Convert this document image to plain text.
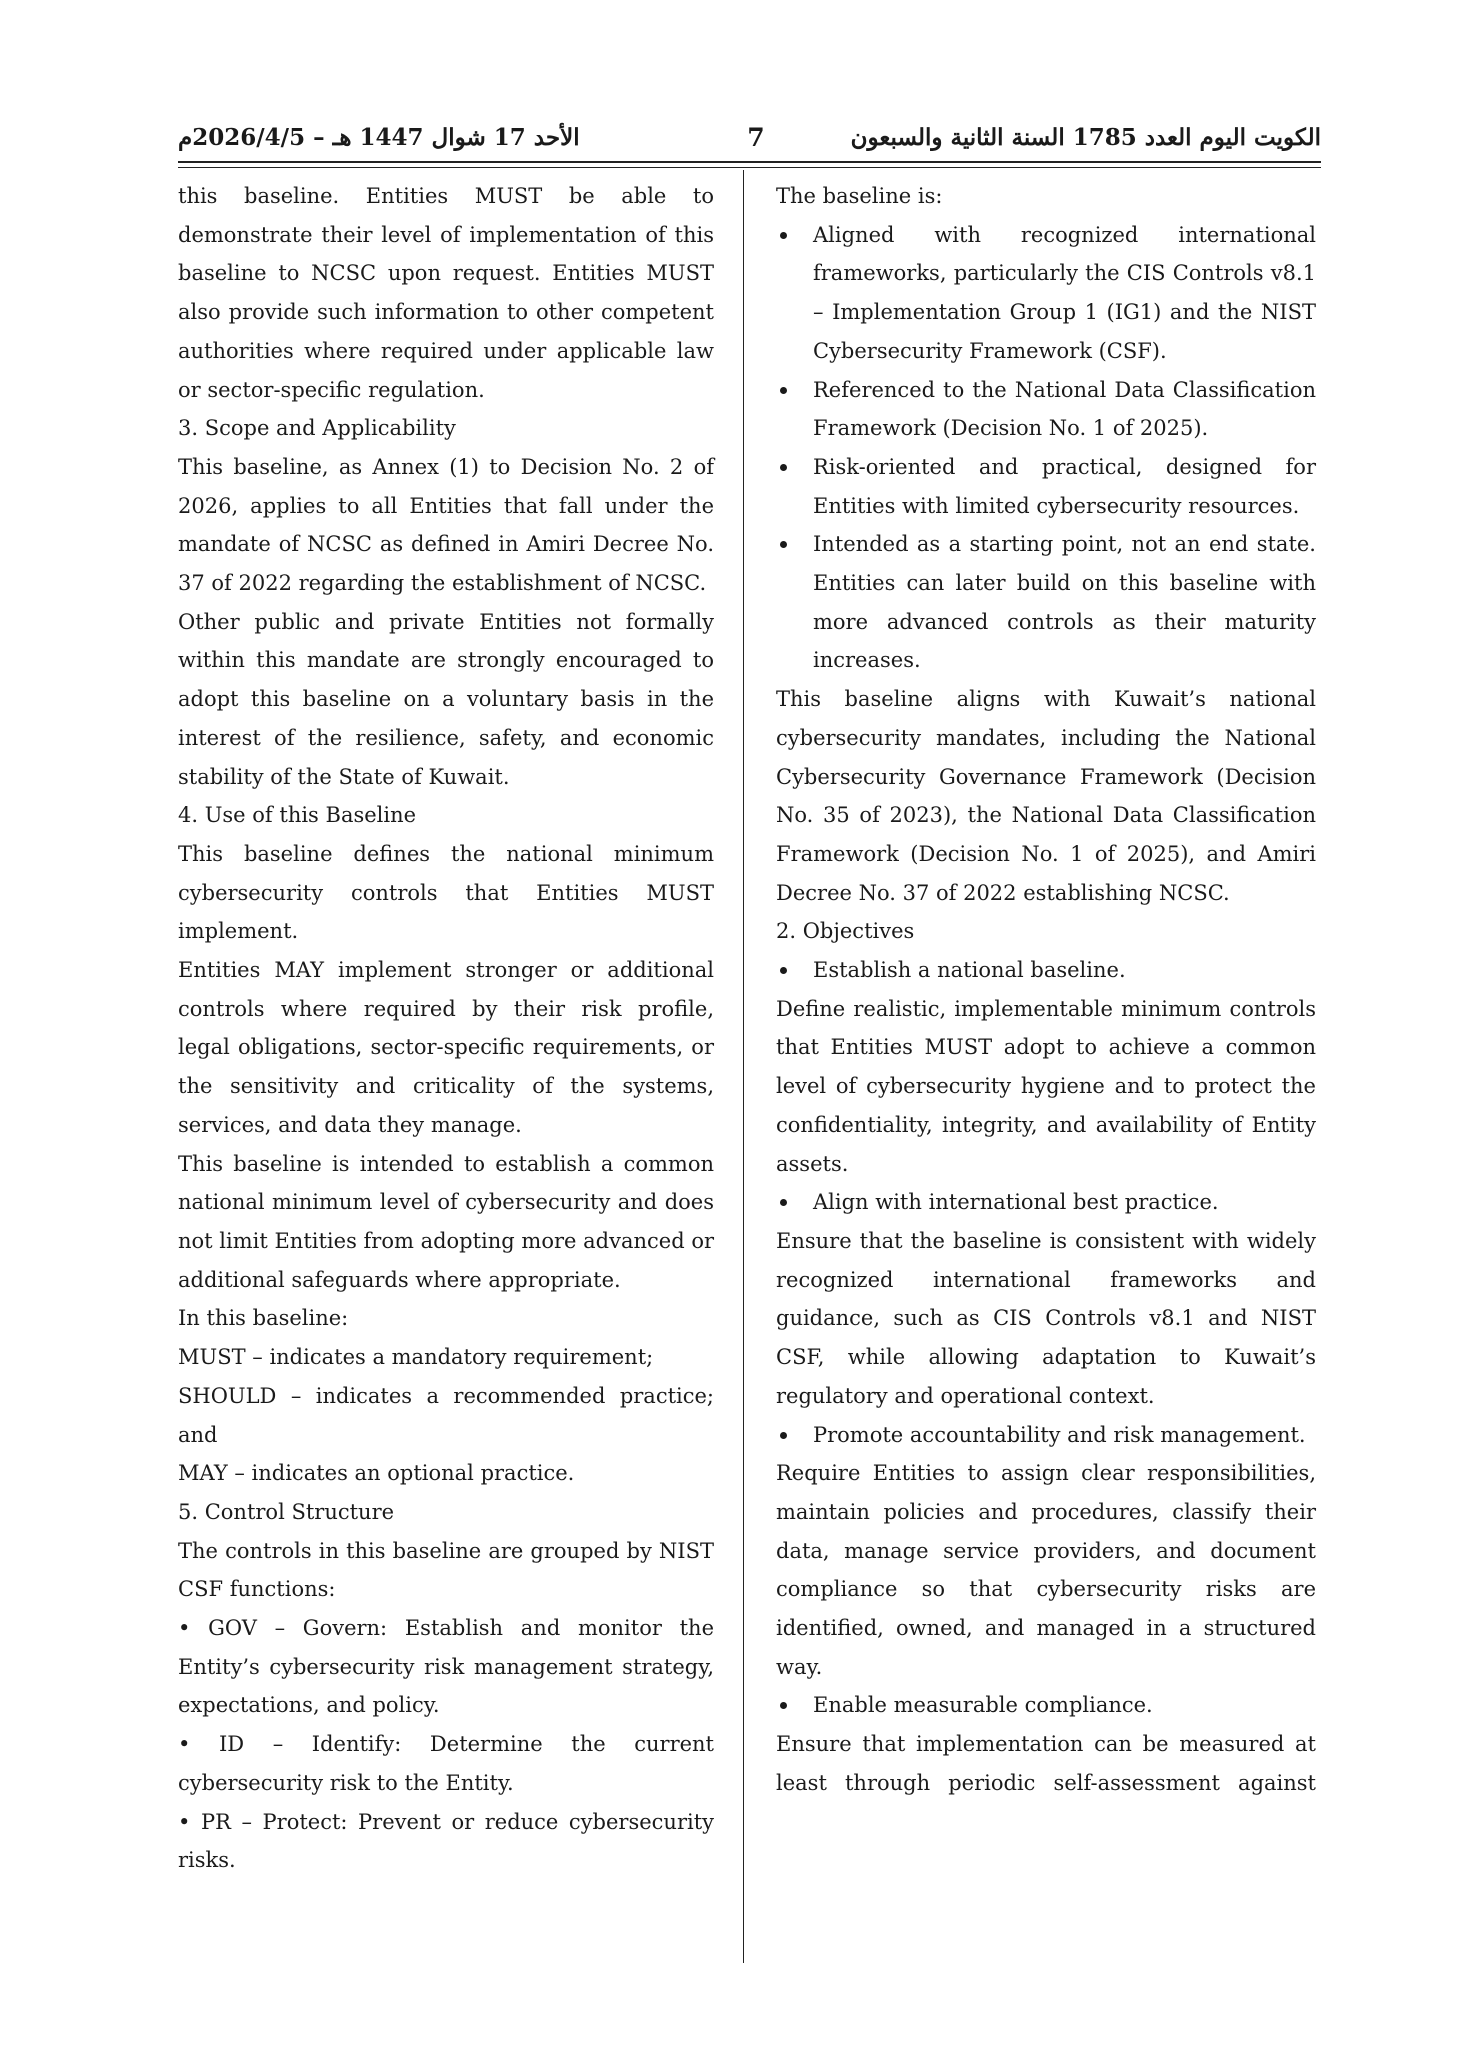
الأحد 17 شوال 1447 هـ – 2026/4/5م	7	الكويت اليوم العدد 1785 السنة الثانية والسبعون

this baseline. Entities MUST be able to demonstrate their level of implementation of this baseline to NCSC upon request. Entities MUST also provide such information to other competent authorities where required under applicable law or sector-specific regulation.

3. Scope and Applicability

This baseline, as Annex (1) to Decision No. 2 of 2026, applies to all Entities that fall under the mandate of NCSC as defined in Amiri Decree No. 37 of 2022 regarding the establishment of NCSC.

Other public and private Entities not formally within this mandate are strongly encouraged to adopt this baseline on a voluntary basis in the interest of the resilience, safety, and economic stability of the State of Kuwait.

4. Use of this Baseline

This baseline defines the national minimum cybersecurity controls that Entities MUST implement.

Entities MAY implement stronger or additional controls where required by their risk profile, legal obligations, sector-specific requirements, or the sensitivity and criticality of the systems, services, and data they manage.

This baseline is intended to establish a common national minimum level of cybersecurity and does not limit Entities from adopting more advanced or additional safeguards where appropriate.

In this baseline:

MUST – indicates a mandatory requirement;

SHOULD – indicates a recommended practice; and

MAY – indicates an optional practice.

5. Control Structure

The controls in this baseline are grouped by NIST CSF functions:

• GOV – Govern: Establish and monitor the Entity’s cybersecurity risk management strategy, expectations, and policy.

• ID – Identify: Determine the current cybersecurity risk to the Entity.

• PR – Protect: Prevent or reduce cybersecurity risks.

The baseline is:

Aligned with recognized international frameworks, particularly the CIS Controls v8.1 – Implementation Group 1 (IG1) and the NIST Cybersecurity Framework (CSF).

Referenced to the National Data Classification Framework (Decision No. 1 of 2025).

Risk-oriented and practical, designed for Entities with limited cybersecurity resources.

Intended as a starting point, not an end state. Entities can later build on this baseline with more advanced controls as their maturity increases.

This baseline aligns with Kuwait’s national cybersecurity mandates, including the National Cybersecurity Governance Framework (Decision No. 35 of 2023), the National Data Classification Framework (Decision No. 1 of 2025), and Amiri Decree No. 37 of 2022 establishing NCSC.

2. Objectives

Establish a national baseline.

Define realistic, implementable minimum controls that Entities MUST adopt to achieve a common level of cybersecurity hygiene and to protect the confidentiality, integrity, and availability of Entity assets.

Align with international best practice.

Ensure that the baseline is consistent with widely recognized international frameworks and guidance, such as CIS Controls v8.1 and NIST CSF, while allowing adaptation to Kuwait’s regulatory and operational context.

Promote accountability and risk management.

Require Entities to assign clear responsibilities, maintain policies and procedures, classify their data, manage service providers, and document compliance so that cybersecurity risks are identified, owned, and managed in a structured way.

Enable measurable compliance.

Ensure that implementation can be measured at least through periodic self-assessment against
